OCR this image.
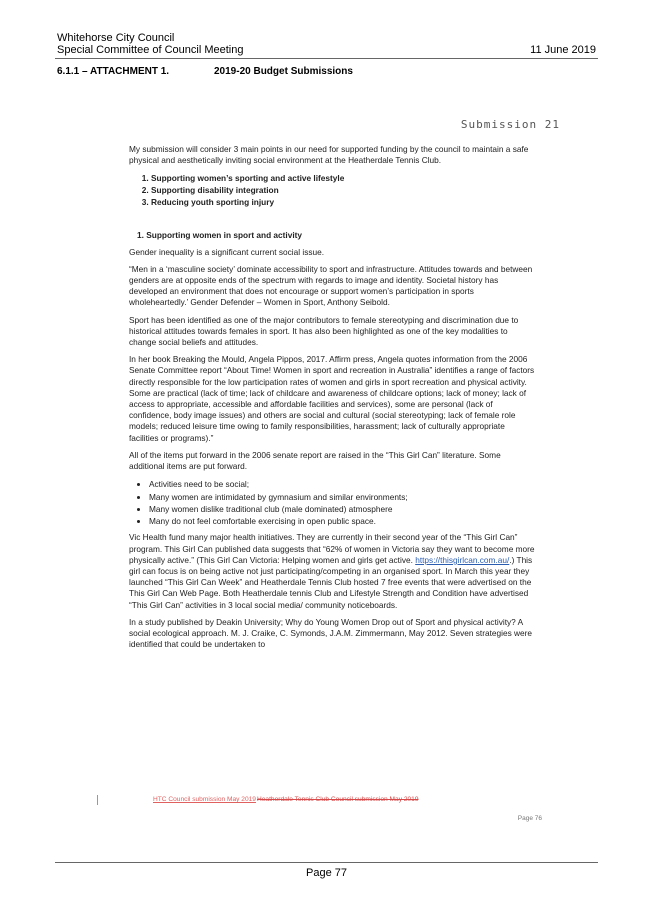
Whitehorse City Council
Special Committee of Council Meeting	11 June 2019
6.1.1 – ATTACHMENT 1.	2019-20 Budget Submissions
Submission 21

My submission will consider 3 main points in our need for supported funding by the council to maintain a safe physical and aesthetically inviting social environment at the Heatherdale Tennis Club.

1. Supporting women’s sporting and active lifestyle
2. Supporting disability integration
3. Reducing youth sporting injury
1. Supporting women in sport and activity

Gender inequality is a significant current social issue.

“Men in a ‘masculine society’ dominate accessibility to sport and infrastructure. Attitudes towards and between genders are at opposite ends of the spectrum with regards to image and identity. Societal history has developed an environment that does not encourage or support women’s participation in sports wholeheartedly.’ Gender Defender – Women in Sport, Anthony Seibold.

Sport has been identified as one of the major contributors to female stereotyping and discrimination due to historical attitudes towards females in sport. It has also been highlighted as one of the key modalities to change social beliefs and attitudes.

In her book Breaking the Mould, Angela Pippos, 2017. Affirm press, Angela quotes information from the 2006 Senate Committee report “About Time! Women in sport and recreation in Australia” identifies a range of factors directly responsible for the low participation rates of women and girls in sport recreation and physical activity. Some are practical (lack of time; lack of childcare and awareness of childcare options; lack of money; lack of access to appropriate, accessible and affordable facilities and services), some are personal (lack of confidence, body image issues) and others are social and cultural (social stereotyping; lack of female role models; reduced leisure time owing to family responsibilities, harassment; lack of culturally appropriate facilities or programs).”

All of the items put forward in the 2006 senate report are raised in the “This Girl Can” literature. Some additional items are put forward.

• Activities need to be social;
• Many women are intimidated by gymnasium and similar environments;
• Many women dislike traditional club (male dominated) atmosphere
• Many do not feel comfortable exercising in open public space.

Vic Health fund many major health initiatives. They are currently in their second year of the “This Girl Can” program. This Girl Can published data suggests that “62% of women in Victoria say they want to become more physically active.” (This Girl Can Victoria: Helping women and girls get active. https://thisgirlcan.com.au/.) This girl can focus is on being active not just participating/competing in an organised sport. In March this year they launched “This Girl Can Week” and Heatherdale Tennis Club hosted 7 free events that were advertised on the This Girl Can Web Page. Both Heatherdale tennis Club and Lifestyle Strength and Condition have advertised “This Girl Can” activities in 3 local social media/ community noticeboards.

In a study published by Deakin University; Why do Young Women Drop out of Sport and physical activity? A social ecological approach. M. J. Craike, C. Symonds, J.A.M. Zimmermann, May 2012. Seven strategies were identified that could be undertaken to

HTC Council submission May 2019 Heatherdale Tennis Club Council submission May 2019
Page 76
Page 77
